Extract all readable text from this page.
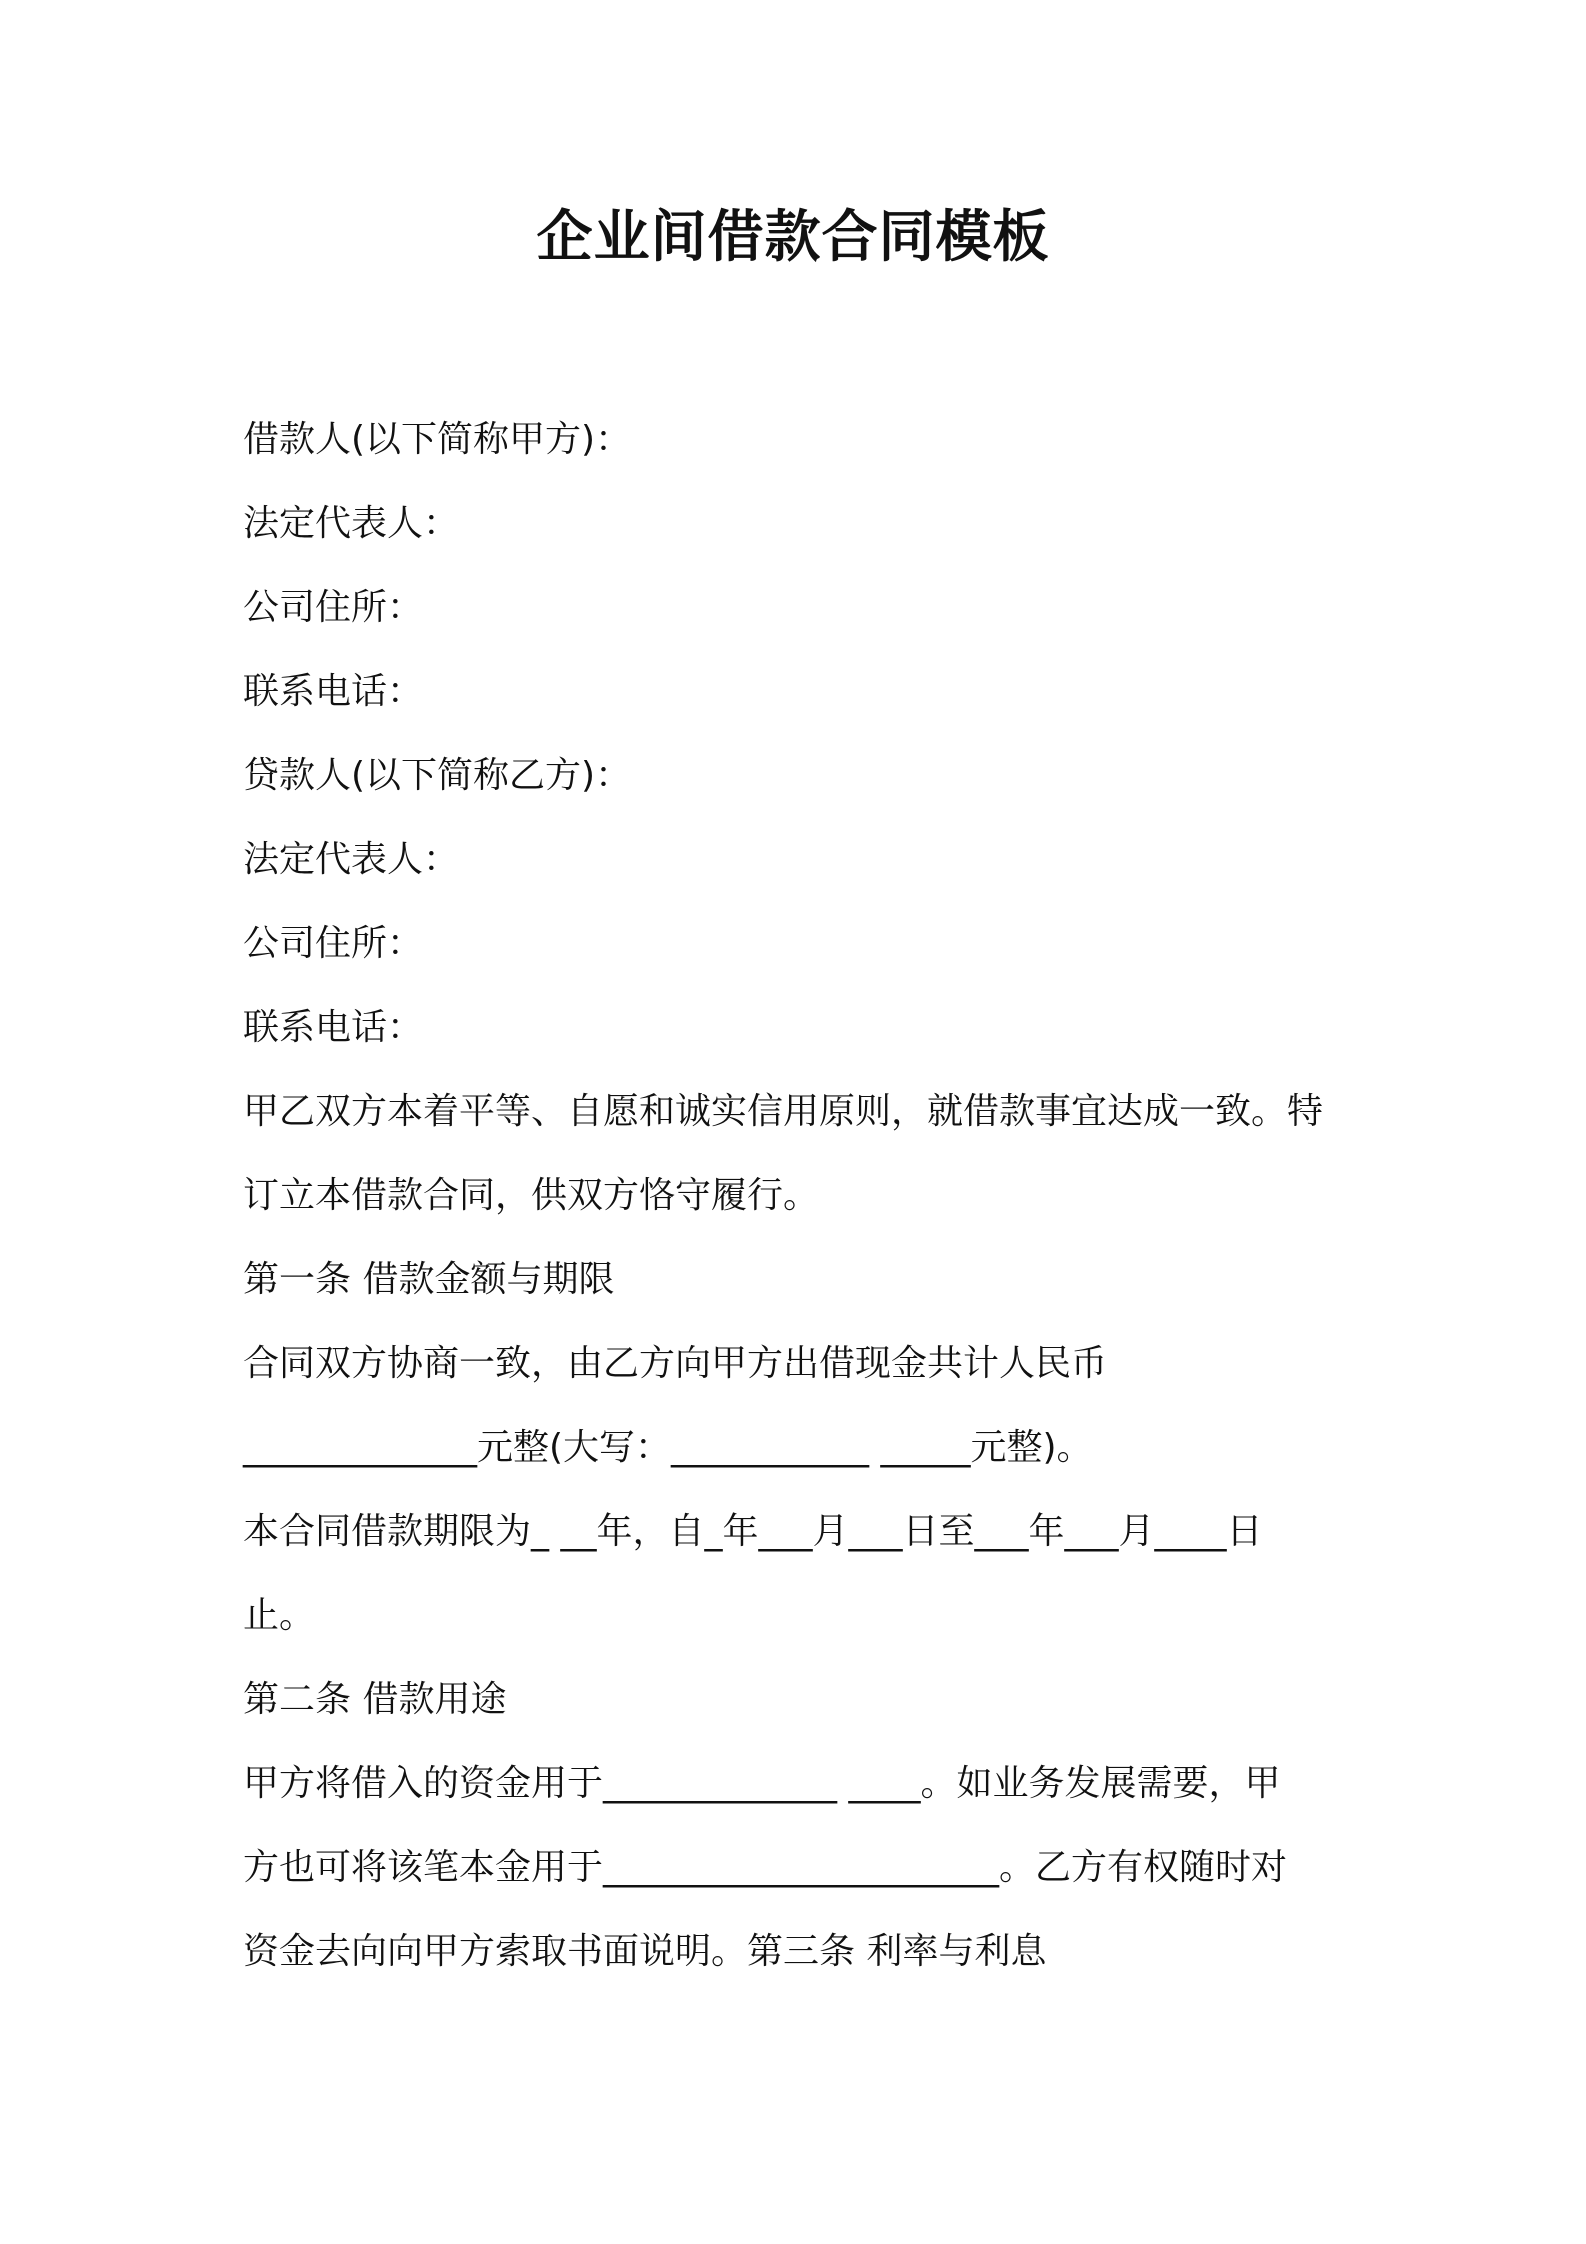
企业间借款合同模板

借款人(以下简称甲方)：

法定代表人：

公司住所：

联系电话：

贷款人(以下简称乙方)：

法定代表人：

公司住所：

联系电话：

甲乙双方本着平等、自愿和诚实信用原则，就借款事宜达成一致。特

订立本借款合同，供双方恪守履行。

第一条 借款金额与期限

合同双方协商一致，由乙方向甲方出借现金共计人民币

_____________元整(大写：___________ _____元整)。

本合同借款期限为_ __年，自_年___月___日至___年___月____日

止。

第二条 借款用途

甲方将借入的资金用于_____________ ____。如业务发展需要，甲

方也可将该笔本金用于______________________。乙方有权随时对

资金去向向甲方索取书面说明。第三条 利率与利息
